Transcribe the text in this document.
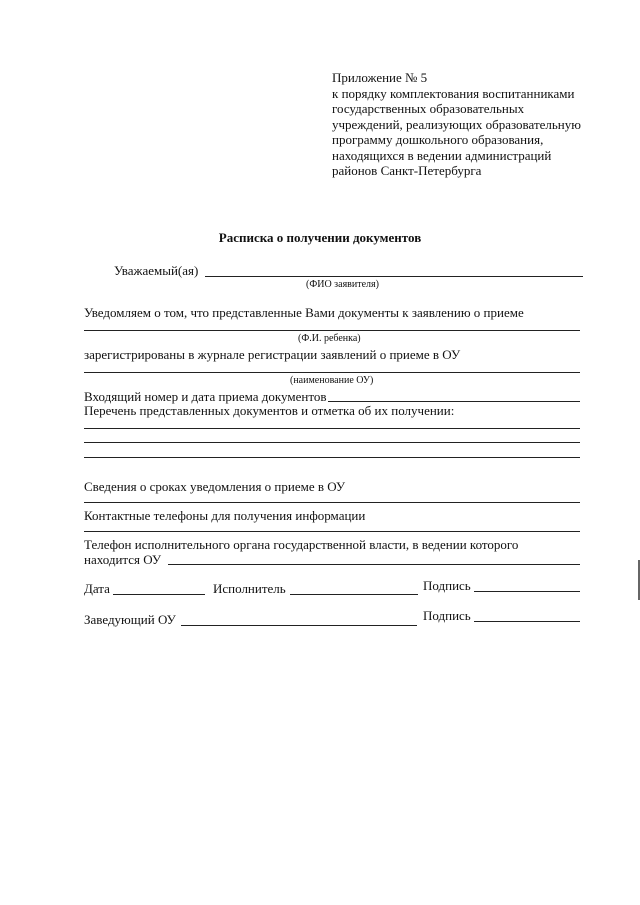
Приложение № 5
к порядку комплектования воспитанниками
государственных образовательных
учреждений, реализующих образовательную
программу дошкольного образования,
находящихся в ведении администраций
районов Санкт-Петербурга
Расписка о получении документов
Уважаемый(ая)
(ФИО заявителя)
Уведомляем о том, что представленные Вами документы к заявлению о приеме
(Ф.И. ребенка)
зарегистрированы в журнале регистрации заявлений о приеме в ОУ
(наименование ОУ)
Входящий номер и дата приема документов
Перечень представленных документов и отметка об их получении:
Сведения о сроках уведомления о приеме в ОУ
Контактные телефоны для получения информации
Телефон исполнительного органа государственной власти, в ведении которого
находится ОУ
Дата	Исполнитель	Подпись
Заведующий ОУ	Подпись
